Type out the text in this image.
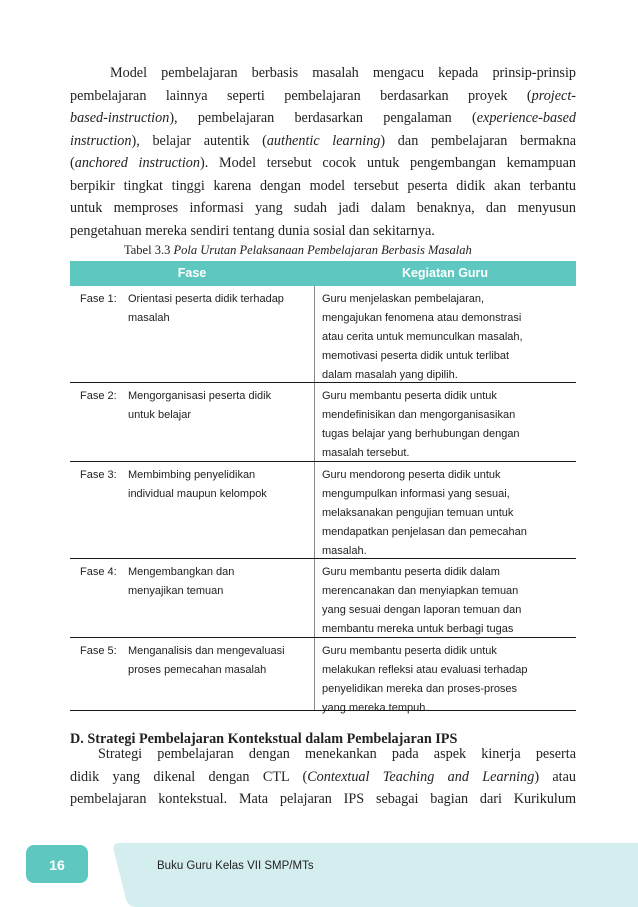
Model pembelajaran berbasis masalah mengacu kepada prinsip-prinsip
pembelajaran lainnya seperti pembelajaran berdasarkan proyek (project-
based-instruction), pembelajaran berdasarkan pengalaman (experience-based
instruction), belajar autentik (authentic learning) dan pembelajaran bermakna
(anchored instruction). Model tersebut cocok untuk pengembangan kemampuan
berpikir tingkat tinggi karena dengan model tersebut peserta didik akan terbantu
untuk memproses informasi yang sudah jadi dalam benaknya, dan menyusun
pengetahuan mereka sendiri tentang dunia sosial dan sekitarnya.
Tabel 3.3 Pola Urutan Pelaksanaan Pembelajaran Berbasis Masalah
Fase	Kegiatan Guru
Fase 1: Orientasi peserta didik terhadap
masalah
Guru menjelaskan pembelajaran,
mengajukan fenomena atau demonstrasi
atau cerita untuk memunculkan masalah,
memotivasi peserta didik untuk terlibat
dalam masalah yang dipilih.
Fase 2: Mengorganisasi peserta didik
untuk belajar
Guru membantu peserta didik untuk
mendefinisikan dan mengorganisasikan
tugas belajar yang berhubungan dengan
masalah tersebut.
Fase 3: Membimbing penyelidikan
individual maupun kelompok
Guru mendorong peserta didik untuk
mengumpulkan informasi yang sesuai,
melaksanakan pengujian temuan untuk
mendapatkan penjelasan dan pemecahan
masalah.
Fase 4: Mengembangkan dan
menyajikan temuan
Guru membantu peserta didik dalam
merencanakan dan menyiapkan temuan
yang sesuai dengan laporan temuan dan
membantu mereka untuk berbagi tugas
Fase 5: Menganalisis dan mengevaluasi
proses pemecahan masalah
Guru membantu peserta didik untuk
melakukan refleksi atau evaluasi terhadap
penyelidikan mereka dan proses-proses
yang mereka tempuh.
D. Strategi Pembelajaran Kontekstual dalam Pembelajaran IPS
Strategi pembelajaran dengan menekankan pada aspek kinerja peserta
didik yang dikenal dengan CTL (Contextual Teaching and Learning) atau
pembelajaran kontekstual. Mata pelajaran IPS sebagai bagian dari Kurikulum
16	Buku Guru Kelas VII SMP/MTs
